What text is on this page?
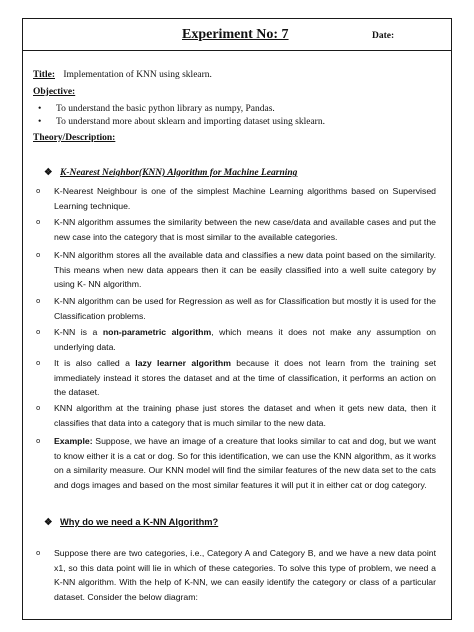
Experiment No: 7	Date:
Title: Implementation of KNN using sklearn.
Objective:
• To understand the basic python library as numpy, Pandas.
• To understand more about sklearn and importing dataset using sklearn.
Theory/Description:
❖ K-Nearest Neighbor(KNN) Algorithm for Machine Learning
o K-Nearest Neighbour is one of the simplest Machine Learning algorithms based on Supervised Learning technique.
o K-NN algorithm assumes the similarity between the new case/data and available cases and put the new case into the category that is most similar to the available categories.
o K-NN algorithm stores all the available data and classifies a new data point based on the similarity. This means when new data appears then it can be easily classified into a well suite category by using K- NN algorithm.
o K-NN algorithm can be used for Regression as well as for Classification but mostly it is used for the Classification problems.
o K-NN is a non-parametric algorithm, which means it does not make any assumption on underlying data.
o It is also called a lazy learner algorithm because it does not learn from the training set immediately instead it stores the dataset and at the time of classification, it performs an action on the dataset.
o KNN algorithm at the training phase just stores the dataset and when it gets new data, then it classifies that data into a category that is much similar to the new data.
o Example: Suppose, we have an image of a creature that looks similar to cat and dog, but we want to know either it is a cat or dog. So for this identification, we can use the KNN algorithm, as it works on a similarity measure. Our KNN model will find the similar features of the new data set to the cats and dogs images and based on the most similar features it will put it in either cat or dog category.
❖ Why do we need a K-NN Algorithm?
o Suppose there are two categories, i.e., Category A and Category B, and we have a new data point x1, so this data point will lie in which of these categories. To solve this type of problem, we need a K-NN algorithm. With the help of K-NN, we can easily identify the category or class of a particular dataset. Consider the below diagram:
